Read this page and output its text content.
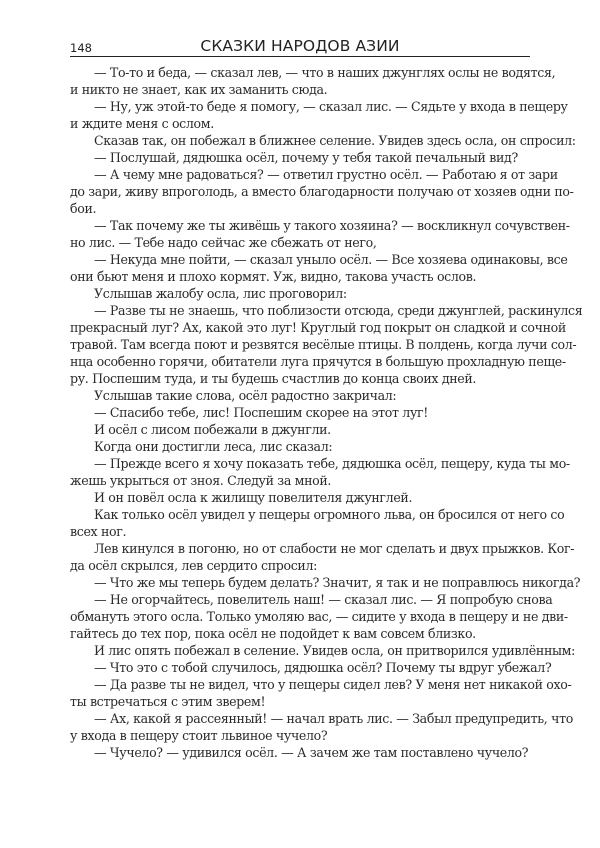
148	СКАЗКИ НАРОДОВ АЗИИ
— То-то и беда, — сказал лев, — что в наших джунглях ослы не водятся,
и никто не знает, как их заманить сюда.
— Ну, уж этой-то беде я помогу, — сказал лис. — Сядьте у входа в пещеру
и ждите меня с ослом.
Сказав так, он побежал в ближнее селение. Увидев здесь осла, он спросил:
— Послушай, дядюшка осёл, почему у тебя такой печальный вид?
— А чему мне радоваться? — ответил грустно осёл. — Работаю я от зари
до зари, живу впроголодь, а вместо благодарности получаю от хозяев одни по-
бои.
— Так почему же ты живёшь у такого хозяина? — воскликнул сочувствен-
но лис. — Тебе надо сейчас же сбежать от него,
— Некуда мне пойти, — сказал уныло осёл. — Все хозяева одинаковы, все
они бьют меня и плохо кормят. Уж, видно, такова участь ослов.
Услышав жалобу осла, лис проговорил:
— Разве ты не знаешь, что поблизости отсюда, среди джунглей, раскинулся
прекрасный луг? Ах, какой это луг! Круглый год покрыт он сладкой и сочной
травой. Там всегда поют и резвятся весёлые птицы. В полдень, когда лучи сол-
нца особенно горячи, обитатели луга прячутся в большую прохладную пеще-
ру. Поспешим туда, и ты будешь счастлив до конца своих дней.
Услышав такие слова, осёл радостно закричал:
— Спасибо тебе, лис! Поспешим скорее на этот луг!
И осёл с лисом побежали в джунгли.
Когда они достигли леса, лис сказал:
— Прежде всего я хочу показать тебе, дядюшка осёл, пещеру, куда ты мо-
жешь укрыться от зноя. Следуй за мной.
И он повёл осла к жилищу повелителя джунглей.
Как только осёл увидел у пещеры огромного льва, он бросился от него со
всех ног.
Лев кинулся в погоню, но от слабости не мог сделать и двух прыжков. Ког-
да осёл скрылся, лев сердито спросил:
— Что же мы теперь будем делать? Значит, я так и не поправлюсь никогда?
— Не огорчайтесь, повелитель наш! — сказал лис. — Я попробую снова
обмануть этого осла. Только умоляю вас, — сидите у входа в пещеру и не дви-
гайтесь до тех пор, пока осёл не подойдет к вам совсем близко.
И лис опять побежал в селение. Увидев осла, он притворился удивлённым:
— Что это с тобой случилось, дядюшка осёл? Почему ты вдруг убежал?
— Да разве ты не видел, что у пещеры сидел лев? У меня нет никакой охо-
ты встречаться с этим зверем!
— Ах, какой я рассеянный! — начал врать лис. — Забыл предупредить, что
у входа в пещеру стоит львиное чучело?
— Чучело? — удивился осёл. — А зачем же там поставлено чучело?
